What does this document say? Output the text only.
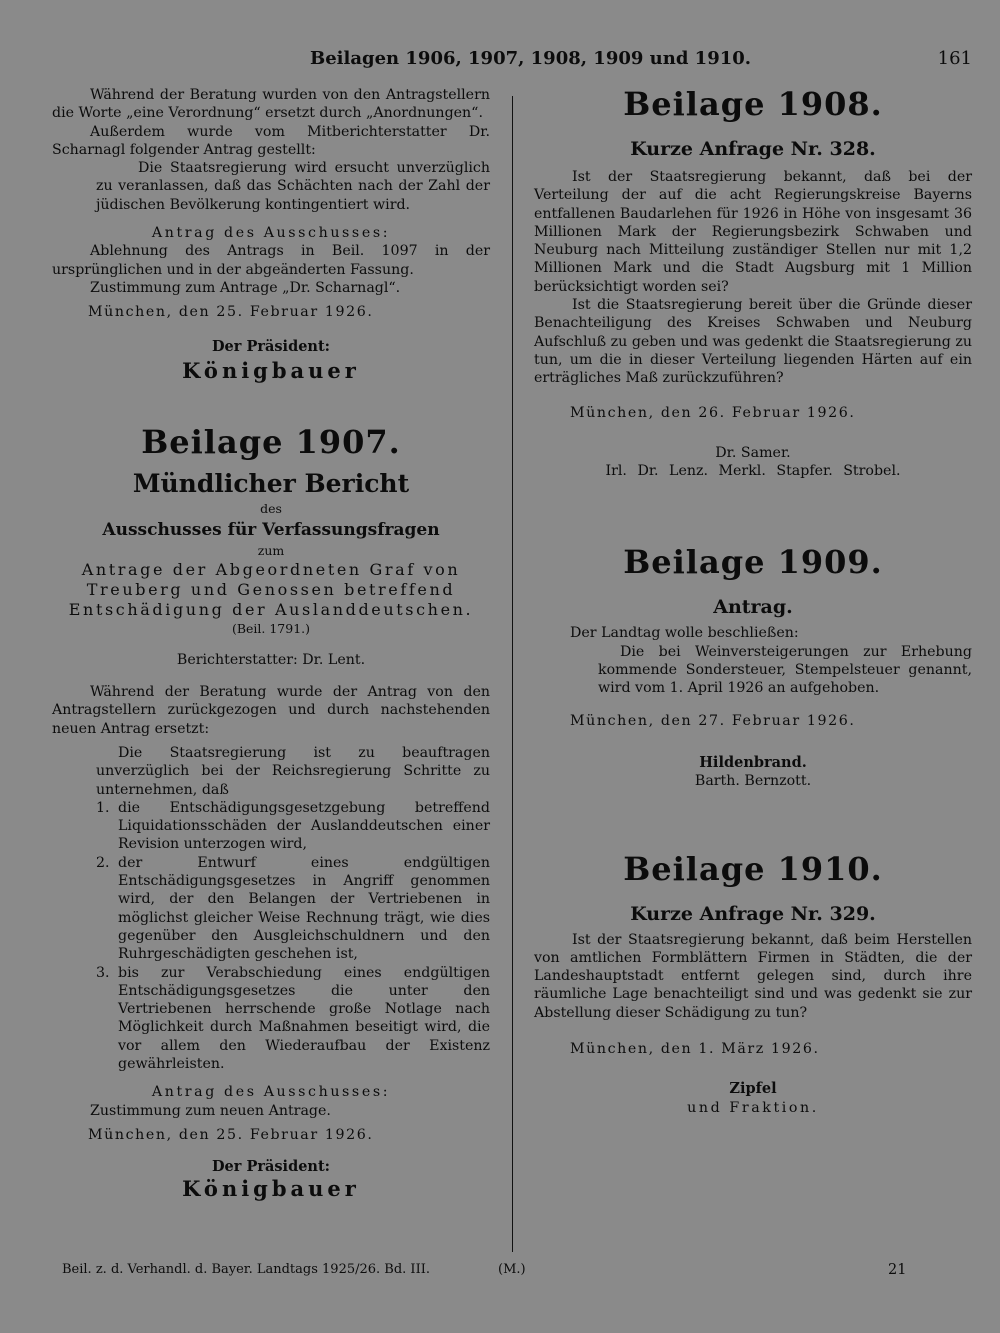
Beilagen 1906, 1907, 1908, 1909 und 1910.	161

Während der Beratung wurden von den Antragstellern die Worte „eine Verordnung“ ersetzt durch „Anordnungen“.

Außerdem wurde vom Mitberichterstatter Dr. Scharnagl folgender Antrag gestellt:

Die Staatsregierung wird ersucht unverzüglich zu veranlassen, daß das Schächten nach der Zahl der jüdischen Bevölkerung kontingentiert wird.

Antrag des Ausschusses:

Ablehnung des Antrags in Beil. 1097 in der ursprünglichen und in der abgeänderten Fassung.

Zustimmung zum Antrage „Dr. Scharnagl“.

München, den 25. Februar 1926.

Der Präsident:

Königbauer

Beilage 1907.
Mündlicher Bericht

des

Ausschusses für Verfassungsfragen

zum

Antrage der Abgeordneten Graf von Treuberg und Genossen betreffend Entschädigung der Auslanddeutschen.

(Beil. 1791.)

Berichterstatter: Dr. Lent.

Während der Beratung wurde der Antrag von den Antragstellern zurückgezogen und durch nachstehenden neuen Antrag ersetzt:

Die Staatsregierung ist zu beauftragen unverzüglich bei der Reichsregierung Schritte zu unternehmen, daß

1. die Entschädigungsgesetzgebung betreffend Liquidationsschäden der Auslanddeutschen einer Revision unterzogen wird,
2. der Entwurf eines endgültigen Entschädigungsgesetzes in Angriff genommen wird, der den Belangen der Vertriebenen in möglichst gleicher Weise Rechnung trägt, wie dies gegenüber den Ausgleichschuldnern und den Ruhrgeschädigten geschehen ist,
3. bis zur Verabschiedung eines endgültigen Entschädigungsgesetzes die unter den Vertriebenen herrschende große Notlage nach Möglichkeit durch Maßnahmen beseitigt wird, die vor allem den Wiederaufbau der Existenz gewährleisten.

Antrag des Ausschusses:

Zustimmung zum neuen Antrage.

München, den 25. Februar 1926.

Der Präsident:

Königbauer

Beilage 1908.
Kurze Anfrage Nr. 328.

Ist der Staatsregierung bekannt, daß bei der Verteilung der auf die acht Regierungskreise Bayerns entfallenen Baudarlehen für 1926 in Höhe von insgesamt 36 Millionen Mark der Regierungsbezirk Schwaben und Neuburg nach Mitteilung zuständiger Stellen nur mit 1,2 Millionen Mark und die Stadt Augsburg mit 1 Million berücksichtigt worden sei?

Ist die Staatsregierung bereit über die Gründe dieser Benachteiligung des Kreises Schwaben und Neuburg Aufschluß zu geben und was gedenkt die Staatsregierung zu tun, um die in dieser Verteilung liegenden Härten auf ein erträgliches Maß zurückzuführen?

München, den 26. Februar 1926.

Dr. Samer.

Irl. Dr. Lenz. Merkl. Stapfer. Strobel.

Beilage 1909.
Antrag.

Der Landtag wolle beschließen:

Die bei Weinversteigerungen zur Erhebung kommende Sondersteuer, Stempelsteuer genannt, wird vom 1. April 1926 an aufgehoben.

München, den 27. Februar 1926.

Hildenbrand.

Barth. Bernzott.

Beilage 1910.
Kurze Anfrage Nr. 329.

Ist der Staatsregierung bekannt, daß beim Herstellen von amtlichen Formblättern Firmen in Städten, die der Landeshauptstadt entfernt gelegen sind, durch ihre räumliche Lage benachteiligt sind und was gedenkt sie zur Abstellung dieser Schädigung zu tun?

München, den 1. März 1926.

Zipfel

und Fraktion.

Beil. z. d. Verhandl. d. Bayer. Landtags 1925/26. Bd. III.	(M.)	21
